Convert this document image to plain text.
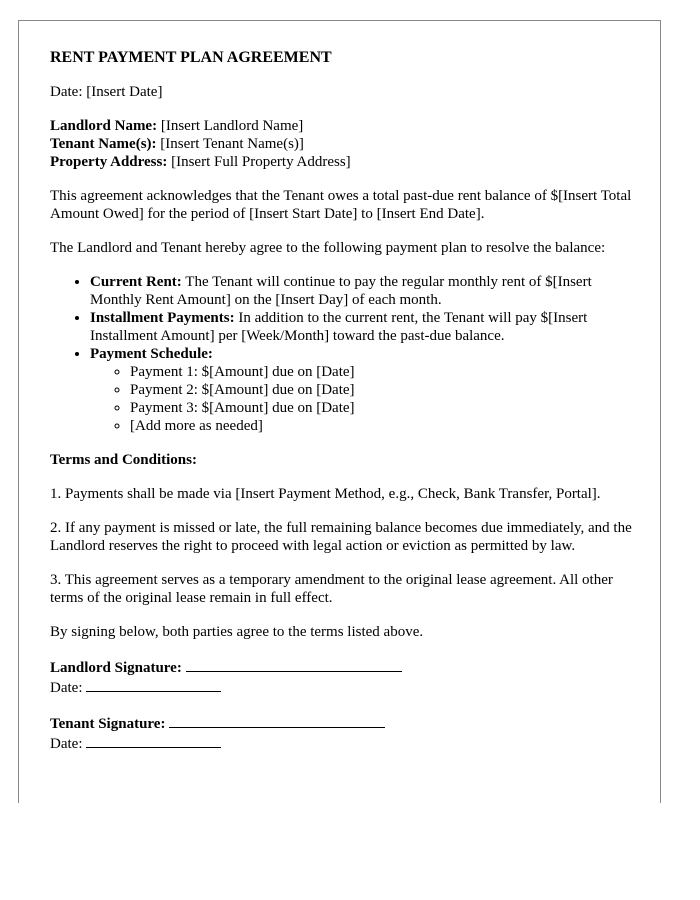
RENT PAYMENT PLAN AGREEMENT

Date: [Insert Date]

Landlord Name: [Insert Landlord Name]
Tenant Name(s): [Insert Tenant Name(s)]
Property Address: [Insert Full Property Address]

This agreement acknowledges that the Tenant owes a total past-due rent balance of $[Insert Total Amount Owed] for the period of [Insert Start Date] to [Insert End Date].

The Landlord and Tenant hereby agree to the following payment plan to resolve the balance:

• Current Rent: The Tenant will continue to pay the regular monthly rent of $[Insert Monthly Rent Amount] on the [Insert Day] of each month.
• Installment Payments: In addition to the current rent, the Tenant will pay $[Insert Installment Amount] per [Week/Month] toward the past-due balance.
• Payment Schedule:
◦ Payment 1: $[Amount] due on [Date]
◦ Payment 2: $[Amount] due on [Date]
◦ Payment 3: $[Amount] due on [Date]
◦ [Add more as needed]
Terms and Conditions:

1. Payments shall be made via [Insert Payment Method, e.g., Check, Bank Transfer, Portal].

2. If any payment is missed or late, the full remaining balance becomes due immediately, and the Landlord reserves the right to proceed with legal action or eviction as permitted by law.

3. This agreement serves as a temporary amendment to the original lease agreement. All other terms of the original lease remain in full effect.

By signing below, both parties agree to the terms listed above.

Landlord Signature:
Date:
Tenant Signature:
Date:
